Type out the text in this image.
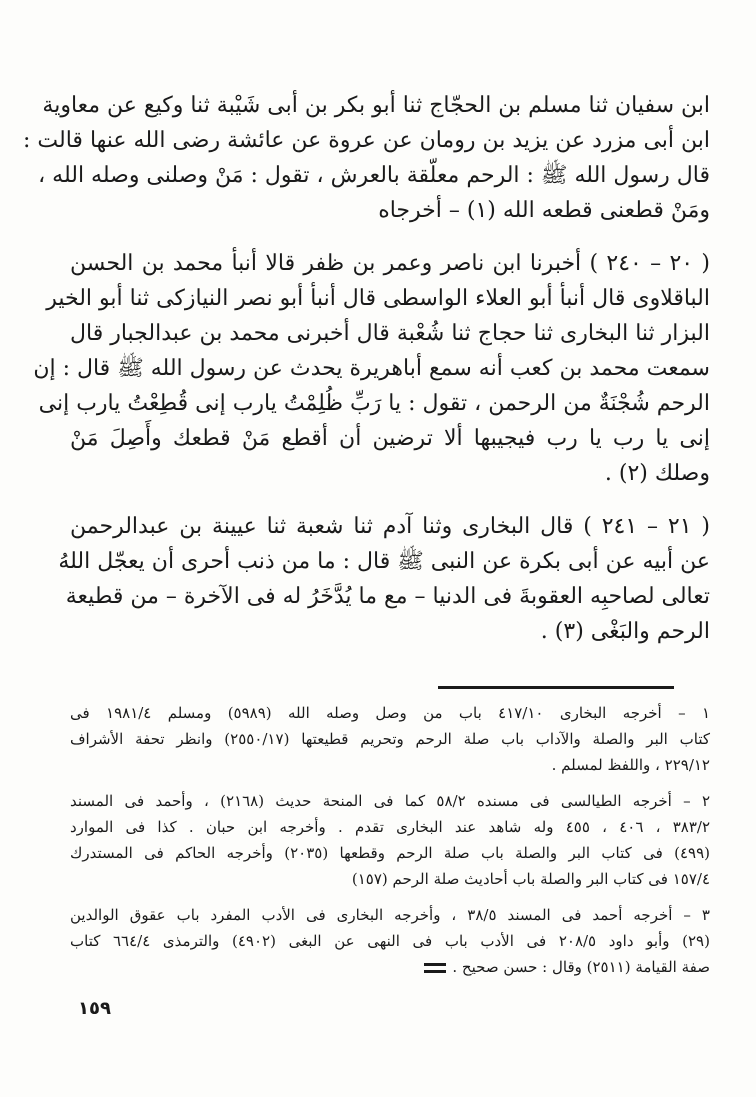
ابن سفيان ثنا مسلم بن الحجّاج ثنا أبو بكر بن أبى شَيْبة ثنا وكيع عن معاوية
ابن أبى مزرد عن يزيد بن رومان عن عروة عن عائشة رضى الله عنها قالت :
قال رسول الله ﷺ : الرحم معلّقة بالعرش ، تقول : مَنْ وصلنى وصله الله ،
ومَنْ قطعنى قطعه الله (١) – أخرجاه
( ٢٠ – ٢٤٠ ) أخبرنا ابن ناصر وعمر بن ظفر قالا أنبأ محمد بن الحسن
الباقلاوى قال أنبأ أبو العلاء الواسطى قال أنبأ أبو نصر النيازكى ثنا أبو الخير
البزار ثنا البخارى ثنا حجاج ثنا شُعْبة قال أخبرنى محمد بن عبدالجبار قال
سمعت محمد بن كعب أنه سمع أباهريرة يحدث عن رسول الله ﷺ قال : إن
الرحم شُجْنَةٌ من الرحمن ، تقول : يا رَبِّ ظُلِمْتُ يارب إنى قُطِعْتُ يارب إنى
إنى يا رب يا رب فيجيبها ألا ترضين أن أقطع مَنْ قطعك وأَصِلَ مَنْ
وصلك (٢) .
( ٢١ – ٢٤١ ) قال البخارى وثنا آدم ثنا شعبة ثنا عيينة بن عبدالرحمن
عن أبيه عن أبى بكرة عن النبى ﷺ قال : ما من ذنب أحرى أن يعجّل اللهُ
تعالى لصاحبِه العقوبةَ فى الدنيا – مع ما يُدَّخَرُ له فى الآخرة – من قطيعة
الرحم والبَغْى (٣) .
١ – أخرجه البخارى ٤١٧/١٠ باب من وصل وصله الله (٥٩٨٩) ومسلم ١٩٨١/٤ فى
كتاب البر والصلة والآداب باب صلة الرحم وتحريم قطيعتها (٢٥٥٠/١٧) وانظر تحفة الأشراف
٢٢٩/١٢ ، واللفظ لمسلم .
٢ – أخرجه الطيالسى فى مسنده ٥٨/٢ كما فى المنحة حديث (٢١٦٨) ، وأحمد فى المسند
٣٨٣/٢ ، ٤٠٦ ، ٤٥٥ وله شاهد عند البخارى تقدم . وأخرجه ابن حبان . كذا فى الموارد
(٤٩٩) فى كتاب البر والصلة باب صلة الرحم وقطعها (٢٠٣٥) وأخرجه الحاكم فى المستدرك
١٥٧/٤ فى كتاب البر والصلة باب أحاديث صلة الرحم (١٥٧)
٣ – أخرجه أحمد فى المسند ٣٨/٥ ، وأخرجه البخارى فى الأدب المفرد باب عقوق الوالدين
(٢٩) وأبو داود ٢٠٨/٥ فى الأدب باب فى النهى عن البغى (٤٩٠٢) والترمذى ٦٦٤/٤ كتاب
صفة القيامة (٢٥١١) وقال : حسن صحيح .
١٥٩
